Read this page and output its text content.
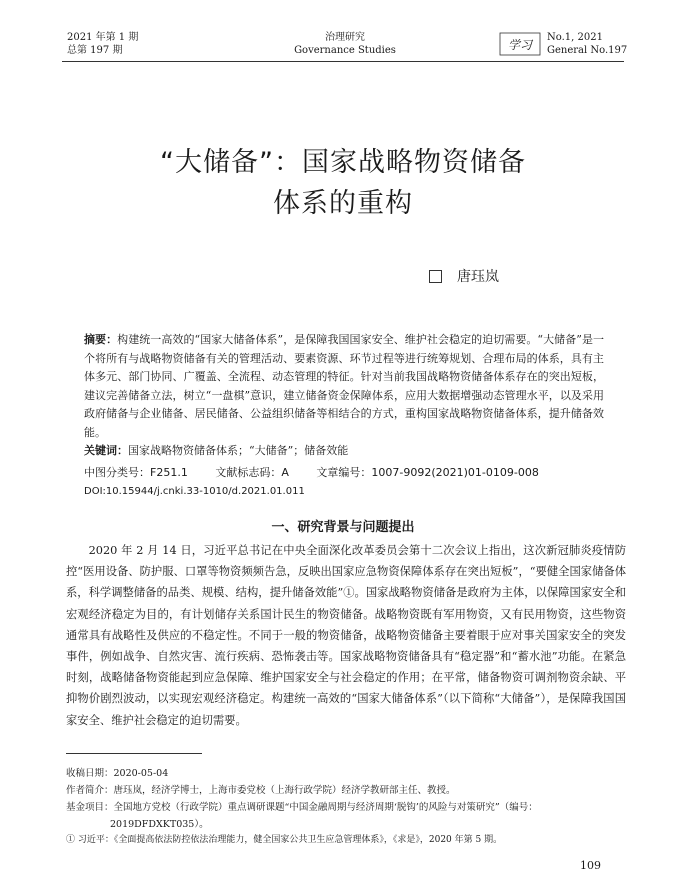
2021 年第 1 期
总第 197 期
治理研究
Governance Studies	学习
No.1, 2021
General No.197
“大储备”：国家战略物资储备
体系的重构
唐珏岚
摘要：构建统一高效的“国家大储备体系”，是保障我国国家安全、维护社会稳定的迫切需要。“大储备”是一个将所有与战略物资储备有关的管理活动、要素资源、环节过程等进行统筹规划、合理布局的体系，具有主体多元、部门协同、广覆盖、全流程、动态管理的特征。针对当前我国战略物资储备体系存在的突出短板，建议完善储备立法，树立“一盘棋”意识，建立储备资金保障体系，应用大数据增强动态管理水平，以及采用政府储备与企业储备、居民储备、公益组织储备等相结合的方式，重构国家战略物资储备体系，提升储备效能。
关键词：国家战略物资储备体系；“大储备”；储备效能
中图分类号：F251.1	文献标志码：A	文章编号：1007-9092(2021)01-0109-008
DOI:10.15944/j.cnki.33-1010/d.2021.01.011
一、研究背景与问题提出
2020 年 2 月 14 日，习近平总书记在中央全面深化改革委员会第十二次会议上指出，这次新冠肺炎疫情防控“医用设备、防护服、口罩等物资频频告急，反映出国家应急物资保障体系存在突出短板”，“要健全国家储备体系，科学调整储备的品类、规模、结构，提升储备效能”①。国家战略物资储备是政府为主体，以保障国家安全和宏观经济稳定为目的，有计划储存关系国计民生的物资储备。战略物资既有军用物资，又有民用物资，这些物资通常具有战略性及供应的不稳定性。不同于一般的物资储备，战略物资储备主要着眼于应对事关国家安全的突发事件，例如战争、自然灾害、流行疾病、恐怖袭击等。国家战略物资储备具有“稳定器”和“蓄水池”功能。在紧急时刻，战略储备物资能起到应急保障、维护国家安全与社会稳定的作用；在平常，储备物资可调剂物资余缺、平抑物价剧烈波动，以实现宏观经济稳定。构建统一高效的“国家大储备体系”（以下简称“大储备”），是保障我国国家安全、维护社会稳定的迫切需要。

收稿日期：2020-05-04

作者简介：唐珏岚，经济学博士，上海市委党校（上海行政学院）经济学教研部主任、教授。

基金项目：全国地方党校（行政学院）重点调研课题“中国金融周期与经济周期‘脱钩’的风险与对策研究”（编号：

2019DFDXKT035）。

① 习近平：《全面提高依法防控依法治理能力，健全国家公共卫生应急管理体系》，《求是》，2020 年第 5 期。
109
